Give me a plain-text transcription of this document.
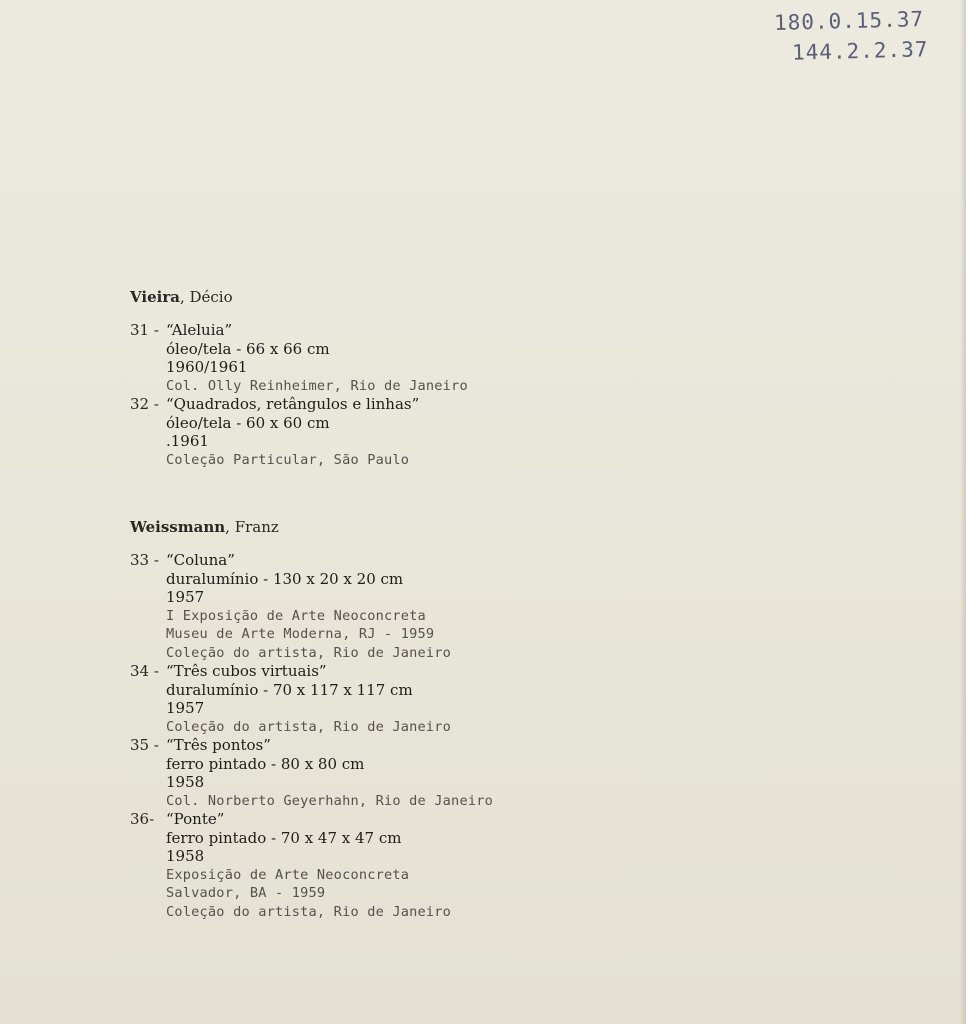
180.0.15.37
144.2.2.37

Vieira, Décio

31 - “Aleluia”
óleo/tela - 66 x 66 cm
1960/1961
Col. Olly Reinheimer, Rio de Janeiro
32 - “Quadrados, retângulos e linhas”
óleo/tela - 60 x 60 cm
.1961
Coleção Particular, São Paulo

Weissmann, Franz

33 - “Coluna”
duralumínio - 130 x 20 x 20 cm
1957
I Exposição de Arte Neoconcreta
Museu de Arte Moderna, RJ - 1959
Coleção do artista, Rio de Janeiro
34 - “Três cubos virtuais”
duralumínio - 70 x 117 x 117 cm
1957
Coleção do artista, Rio de Janeiro
35 - “Três pontos”
ferro pintado - 80 x 80 cm
1958
Col. Norberto Geyerhahn, Rio de Janeiro
36- “Ponte”
ferro pintado - 70 x 47 x 47 cm
1958
Exposição de Arte Neoconcreta
Salvador, BA - 1959
Coleção do artista, Rio de Janeiro
